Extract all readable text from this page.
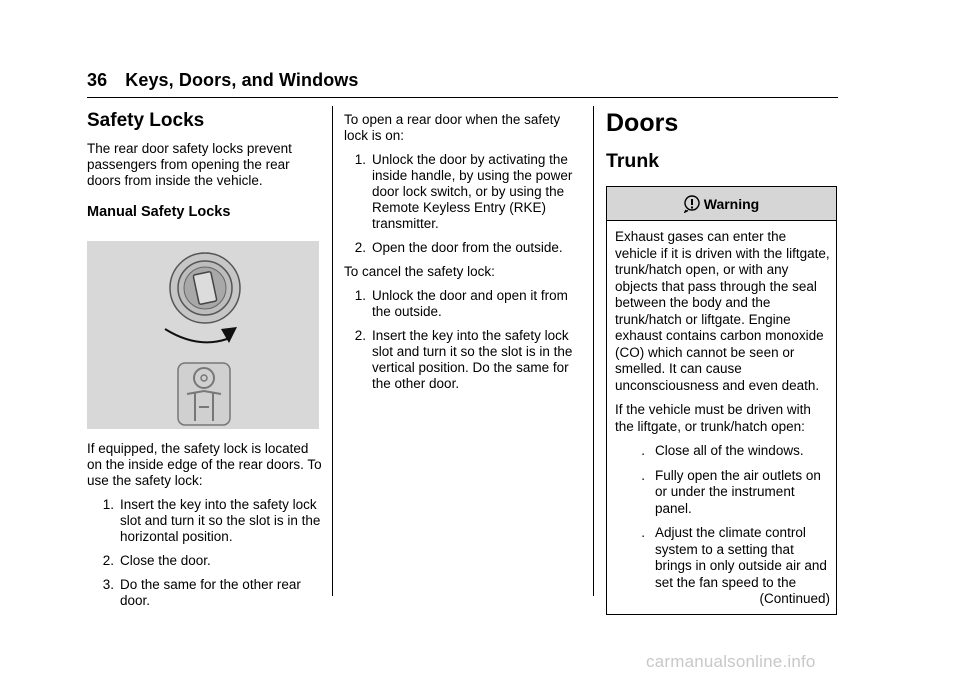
36 Keys, Doors, and Windows
Safety Locks

The rear door safety locks prevent passengers from opening the rear doors from inside the vehicle.

Manual Safety Locks

If equipped, the safety lock is located on the inside edge of the rear doors. To use the safety lock:

1. Insert the key into the safety lock slot and turn it so the slot is in the horizontal position.
2. Close the door.
3. Do the same for the other rear door.

To open a rear door when the safety lock is on:

1. Unlock the door by activating the inside handle, by using the power door lock switch, or by using the Remote Keyless Entry (RKE) transmitter.
2. Open the door from the outside.

To cancel the safety lock:

1. Unlock the door and open it from the outside.
2. Insert the key into the safety lock slot and turn it so the slot is in the vertical position. Do the same for the other door.
Doors
Trunk
Warning

Exhaust gases can enter the vehicle if it is driven with the liftgate, trunk/hatch open, or with any objects that pass through the seal between the body and the trunk/hatch or liftgate. Engine exhaust contains carbon monoxide (CO) which cannot be seen or smelled. It can cause unconsciousness and even death.

If the vehicle must be driven with the liftgate, or trunk/hatch open:

. Close all of the windows.
. Fully open the air outlets on or under the instrument panel.
. Adjust the climate control system to a setting that brings in only outside air and set the fan speed to the
(Continued)
carmanualsonline.info
